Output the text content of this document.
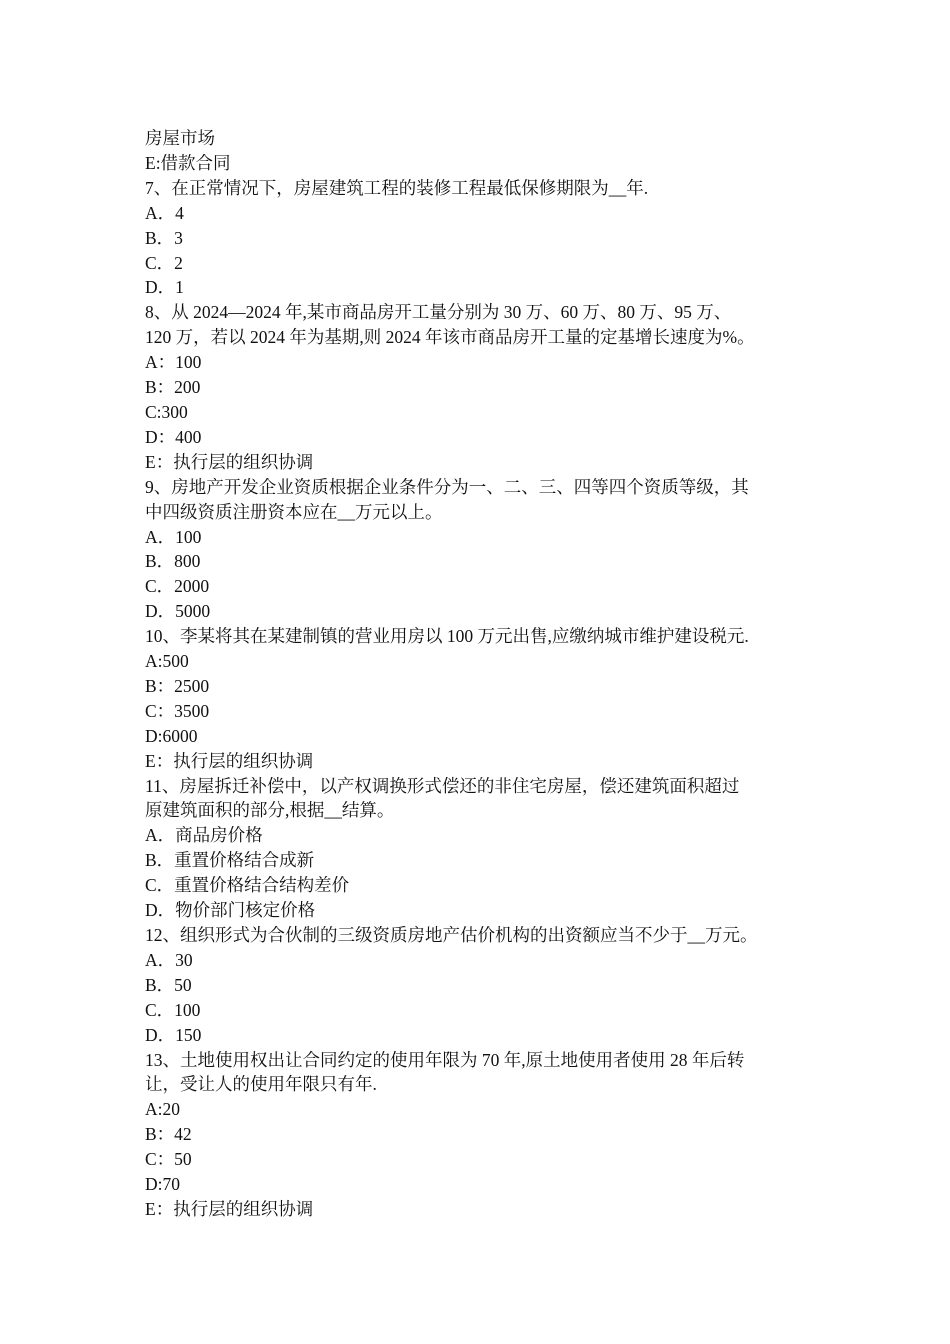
房屋市场
E:借款合同
7、在正常情况下，房屋建筑工程的装修工程最低保修期限为__年.
A．4
B．3
C．2
D．1
8、从 2024—2024 年,某市商品房开工量分别为 30 万、60 万、80 万、95 万、
120 万，若以 2024 年为基期,则 2024 年该市商品房开工量的定基增长速度为%。
A：100
B：200
C:300
D：400
E：执行层的组织协调
9、房地产开发企业资质根据企业条件分为一、二、三、四等四个资质等级，其
中四级资质注册资本应在__万元以上。
A．100
B．800
C．2000
D．5000
10、李某将其在某建制镇的营业用房以 100 万元出售,应缴纳城市维护建设税元.
A:500
B：2500
C：3500
D:6000
E：执行层的组织协调
11、房屋拆迁补偿中，以产权调换形式偿还的非住宅房屋，偿还建筑面积超过
原建筑面积的部分,根据__结算。
A．商品房价格
B．重置价格结合成新
C．重置价格结合结构差价
D．物价部门核定价格
12、组织形式为合伙制的三级资质房地产估价机构的出资额应当不少于__万元。
A．30
B．50
C．100
D．150
13、土地使用权出让合同约定的使用年限为 70 年,原土地使用者使用 28 年后转
让，受让人的使用年限只有年.
A:20
B：42
C：50
D:70
E：执行层的组织协调
